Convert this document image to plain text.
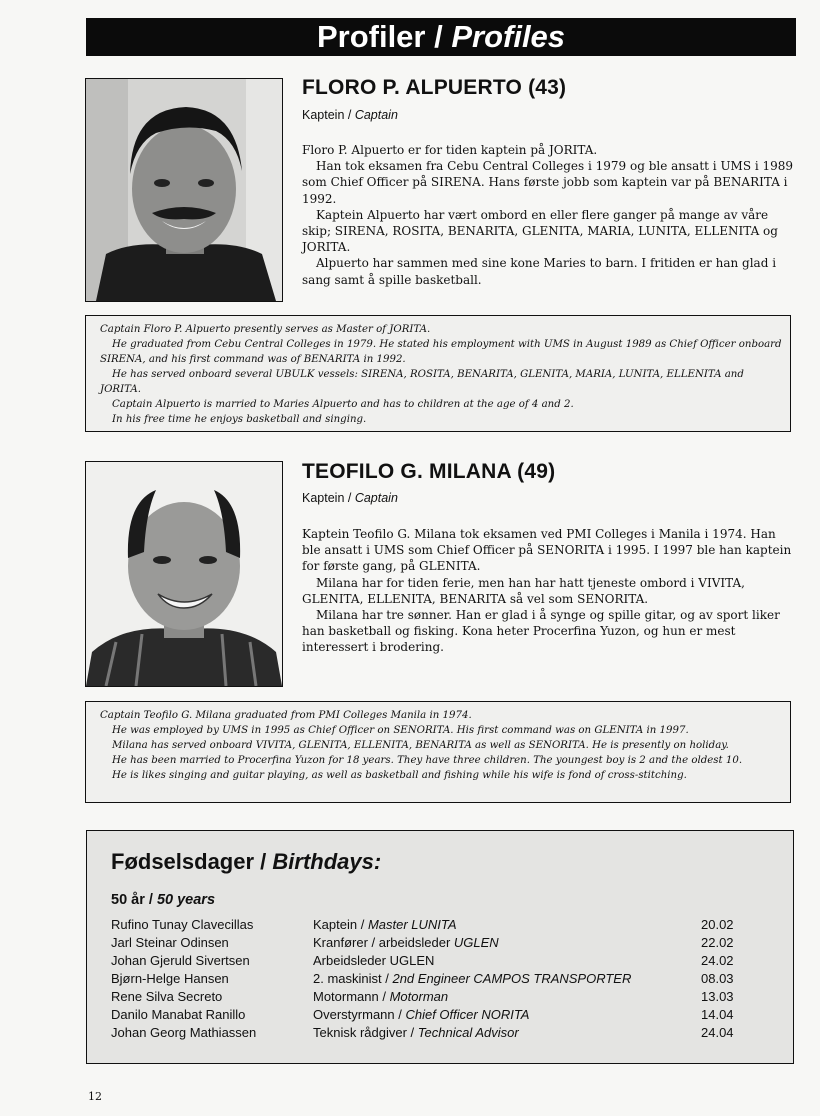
Profiler / Profiles
FLORO P. ALPUERTO (43)
Kaptein / Captain

Floro P. Alpuerto er for tiden kaptein på JORITA.

Han tok eksamen fra Cebu Central Colleges i 1979 og ble ansatt i UMS i 1989 som Chief Officer på SIRENA. Hans første jobb som kaptein var på BENARITA i 1992.

Kaptein Alpuerto har vært ombord en eller flere ganger på mange av våre skip; SIRENA, ROSITA, BENARITA, GLENITA, MARIA, LUNITA, ELLENITA og JORITA.

Alpuerto har sammen med sine kone Maries to barn. I fritiden er han glad i sang samt å spille basketball.

Captain Floro P. Alpuerto presently serves as Master of JORITA.

He graduated from Cebu Central Colleges in 1979. He stated his employment with UMS in August 1989 as Chief Officer onboard SIRENA, and his first command was of BENARITA in 1992.

He has served onboard several UBULK vessels: SIRENA, ROSITA, BENARITA, GLENITA, MARIA, LUNITA, ELLENITA and JORITA.

Captain Alpuerto is married to Maries Alpuerto and has to children at the age of 4 and 2.

In his free time he enjoys basketball and singing.

TEOFILO G. MILANA (49)
Kaptein / Captain

Kaptein Teofilo G. Milana tok eksamen ved PMI Colleges i Manila i 1974. Han ble ansatt i UMS som Chief Officer på SENORITA i 1995. I 1997 ble han kaptein for første gang, på GLENITA.

Milana har for tiden ferie, men han har hatt tjeneste ombord i VIVITA, GLENITA, ELLENITA, BENARITA så vel som SENORITA.

Milana har tre sønner. Han er glad i å synge og spille gitar, og av sport liker han basketball og fisking. Kona heter Procerfina Yuzon, og hun er mest interessert i brodering.

Captain Teofilo G. Milana graduated from PMI Colleges Manila in 1974.

He was employed by UMS in 1995 as Chief Officer on SENORITA. His first command was on GLENITA in 1997.

Milana has served onboard VIVITA, GLENITA, ELLENITA, BENARITA as well as SENORITA. He is presently on holiday.

He has been married to Procerfina Yuzon for 18 years. They have three children. The youngest boy is 2 and the oldest 10.

He is likes singing and guitar playing, as well as basketball and fishing while his wife is fond of cross-stitching.

Fødselsdager / Birthdays:
50 år / 50 years
Rufino Tunay Clavecillas	Kaptein / Master LUNITA	20.02
Jarl Steinar Odinsen	Kranfører / arbeidsleder UGLEN	22.02
Johan Gjeruld Sivertsen	Arbeidsleder UGLEN	24.02
Bjørn-Helge Hansen	2. maskinist / 2nd Engineer CAMPOS TRANSPORTER	08.03
Rene Silva Secreto	Motormann / Motorman	13.03
Danilo Manabat Ranillo	Overstyrmann / Chief Officer NORITA	14.04
Johan Georg Mathiassen	Teknisk rådgiver / Technical Advisor	24.04
12
